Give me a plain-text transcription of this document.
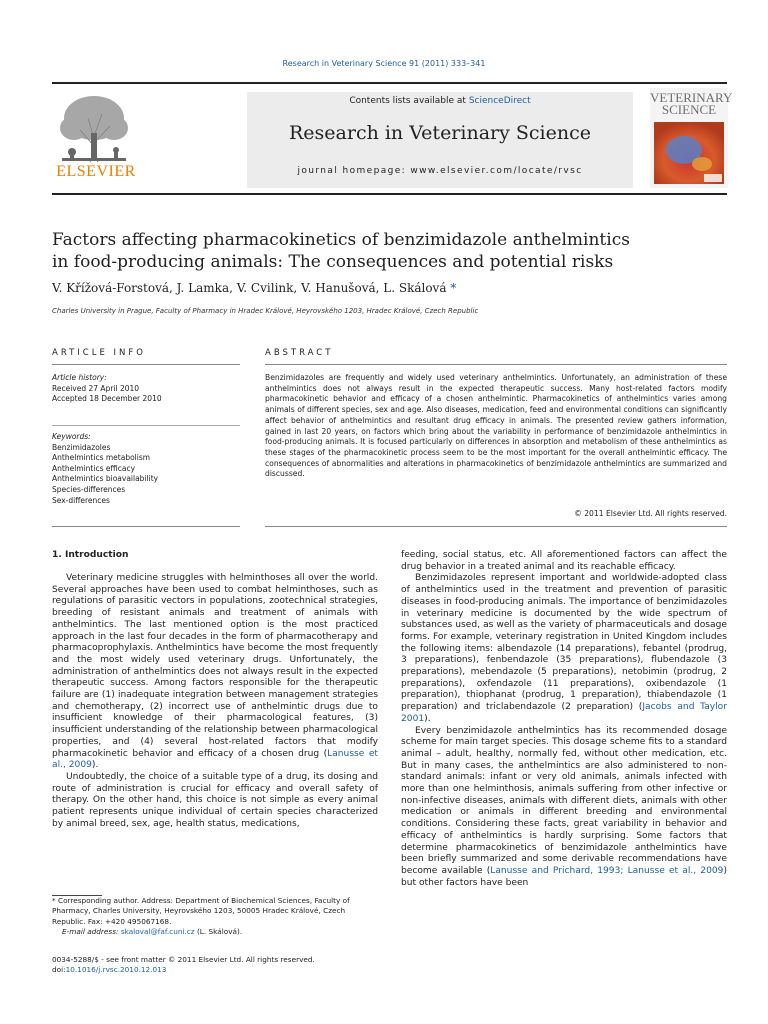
Research in Veterinary Science 91 (2011) 333–341
ELSEVIER
Contents lists available at ScienceDirect
Research in Veterinary Science
journal homepage: www.elsevier.com/locate/rvsc
VETERINARY
SCIENCE
Factors affecting pharmacokinetics of benzimidazole anthelmintics
in food-producing animals: The consequences and potential risks
V. Křížová-Forstová, J. Lamka, V. Cvilink, V. Hanušová, L. Skálová *
Charles University in Prague, Faculty of Pharmacy in Hradec Králové, Heyrovského 1203, Hradec Králové, Czech Republic
ARTICLE INFO	ABSTRACT
Article history:
Received 27 April 2010
Accepted 18 December 2010
Keywords:
Benzimidazoles
Anthelmintics metabolism
Anthelmintics efficacy
Anthelmintics bioavailability
Species-differences
Sex-differences
Benzimidazoles are frequently and widely used veterinary anthelmintics. Unfortunately, an administration of these anthelmintics does not always result in the expected therapeutic success. Many host-related factors modify pharmacokinetic behavior and efficacy of a chosen anthelmintic. Pharmacokinetics of anthelmintics varies among animals of different species, sex and age. Also diseases, medication, feed and environmental conditions can significantly affect behavior of anthelmintics and resultant drug efficacy in animals. The presented review gathers information, gained in last 20 years, on factors which bring about the variability in performance of benzimidazole anthelmintics in food-producing animals. It is focused particularly on differences in absorption and metabolism of these anthelmintics as these stages of the pharmacokinetic process seem to be the most important for the overall anthelmintic efficacy. The consequences of abnormalities and alterations in pharmacokinetics of benzimidazole anthelmintics are summarized and discussed.
© 2011 Elsevier Ltd. All rights reserved.
1. Introduction

Veterinary medicine struggles with helminthoses all over the world. Several approaches have been used to combat helminthoses, such as regulations of parasitic vectors in populations, zootechnical strategies, breeding of resistant animals and treatment of animals with anthelmintics. The last mentioned option is the most practiced approach in the last four decades in the form of pharmacotherapy and pharmacoprophylaxis. Anthelmintics have become the most frequently and the most widely used veterinary drugs. Unfortunately, the administration of anthelmintics does not always result in the expected therapeutic success. Among factors responsible for the therapeutic failure are (1) inadequate integration between management strategies and chemotherapy, (2) incorrect use of anthelmintic drugs due to insufficient knowledge of their pharmacological features, (3) insufficient understanding of the relationship between pharmacological properties, and (4) several host-related factors that modify pharmacokinetic behavior and efficacy of a chosen drug (Lanusse et al., 2009).

Undoubtedly, the choice of a suitable type of a drug, its dosing and route of administration is crucial for efficacy and overall safety of therapy. On the other hand, this choice is not simple as every animal patient represents unique individual of certain species characterized by animal breed, sex, age, health status, medications,

feeding, social status, etc. All aforementioned factors can affect the drug behavior in a treated animal and its reachable efficacy.

Benzimidazoles represent important and worldwide-adopted class of anthelmintics used in the treatment and prevention of parasitic diseases in food-producing animals. The importance of benzimidazoles in veterinary medicine is documented by the wide spectrum of substances used, as well as the variety of pharmaceuticals and dosage forms. For example, veterinary registration in United Kingdom includes the following items: albendazole (14 preparations), febantel (prodrug, 3 preparations), fenbendazole (35 preparations), flubendazole (3 preparations), mebendazole (5 preparations), netobimin (prodrug, 2 preparations), oxfendazole (11 preparations), oxibendazole (1 preparation), thiophanat (prodrug, 1 preparation), thiabendazole (1 preparation) and triclabendazole (2 preparation) (Jacobs and Taylor 2001).

Every benzimidazole anthelmintics has its recommended dosage scheme for main target species. This dosage scheme fits to a standard animal – adult, healthy, normally fed, without other medication, etc. But in many cases, the anthelmintics are also administered to non-standard animals: infant or very old animals, animals infected with more than one helminthosis, animals suffering from other infective or non-infective diseases, animals with different diets, animals with other medication or animals in different breeding and environmental conditions. Considering these facts, great variability in behavior and efficacy of anthelmintics is hardly surprising. Some factors that determine pharmacokinetics of benzimidazole anthelmintics have been briefly summarized and some derivable recommendations have become available (Lanusse and Prichard, 1993; Lanusse et al., 2009) but other factors have been

* Corresponding author. Address: Department of Biochemical Sciences, Faculty of Pharmacy, Charles University, Heyrovského 1203, 50005 Hradec Králové, Czech Republic. Fax: +420 495067168.

E-mail address: skaloval@faf.cuni.cz (L. Skálová).

0034-5288/$ - see front matter © 2011 Elsevier Ltd. All rights reserved.

doi:10.1016/j.rvsc.2010.12.013
